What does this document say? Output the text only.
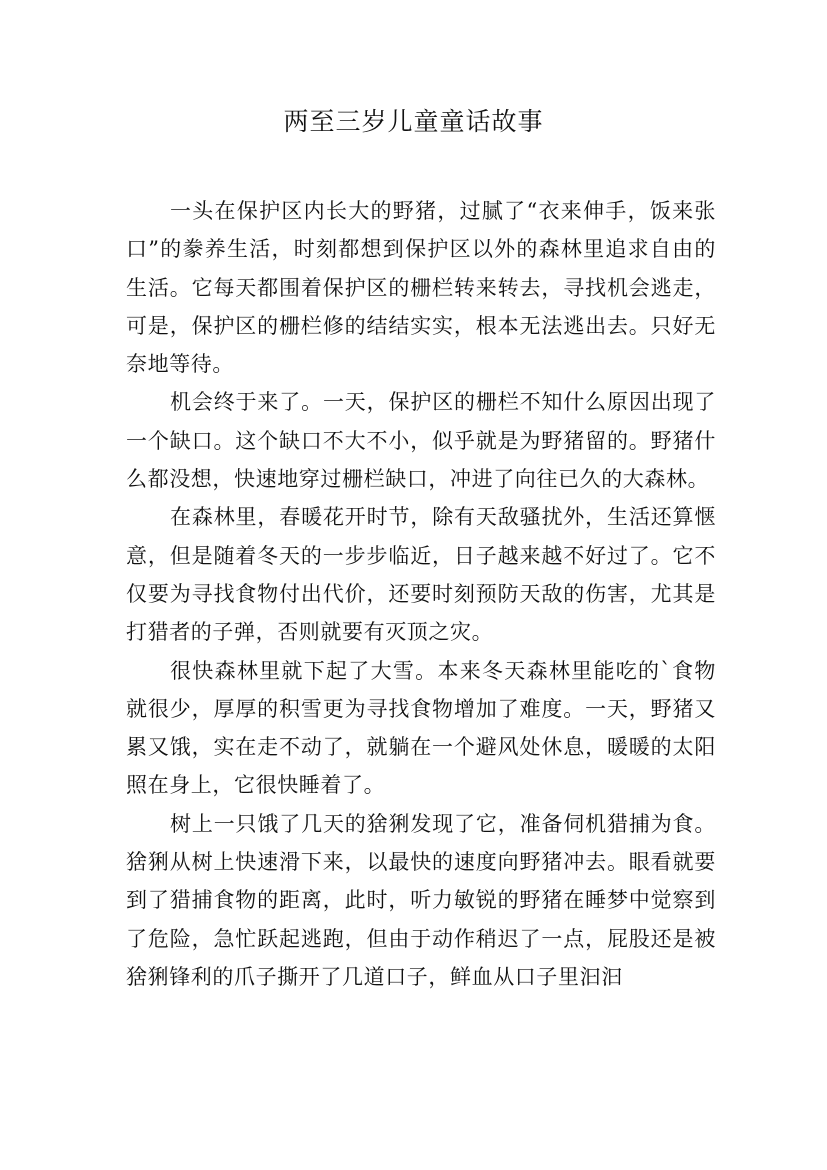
两至三岁儿童童话故事

一头在保护区内长大的野猪，过腻了“衣来伸手，饭来张口”的豢养生活，时刻都想到保护区以外的森林里追求自由的生活。它每天都围着保护区的栅栏转来转去，寻找机会逃走，可是，保护区的栅栏修的结结实实，根本无法逃出去。只好无奈地等待。

机会终于来了。一天，保护区的栅栏不知什么原因出现了一个缺口。这个缺口不大不小，似乎就是为野猪留的。野猪什么都没想，快速地穿过栅栏缺口，冲进了向往已久的大森林。

在森林里，春暖花开时节，除有天敌骚扰外，生活还算惬意，但是随着冬天的一步步临近，日子越来越不好过了。它不仅要为寻找食物付出代价，还要时刻预防天敌的伤害，尤其是打猎者的子弹，否则就要有灭顶之灾。

很快森林里就下起了大雪。本来冬天森林里能吃的`食物就很少，厚厚的积雪更为寻找食物增加了难度。一天，野猪又累又饿，实在走不动了，就躺在一个避风处休息，暖暖的太阳照在身上，它很快睡着了。

树上一只饿了几天的猞猁发现了它，准备伺机猎捕为食。猞猁从树上快速滑下来，以最快的速度向野猪冲去。眼看就要到了猎捕食物的距离，此时，听力敏锐的野猪在睡梦中觉察到了危险，急忙跃起逃跑，但由于动作稍迟了一点，屁股还是被猞猁锋利的爪子撕开了几道口子，鲜血从口子里汩汩
